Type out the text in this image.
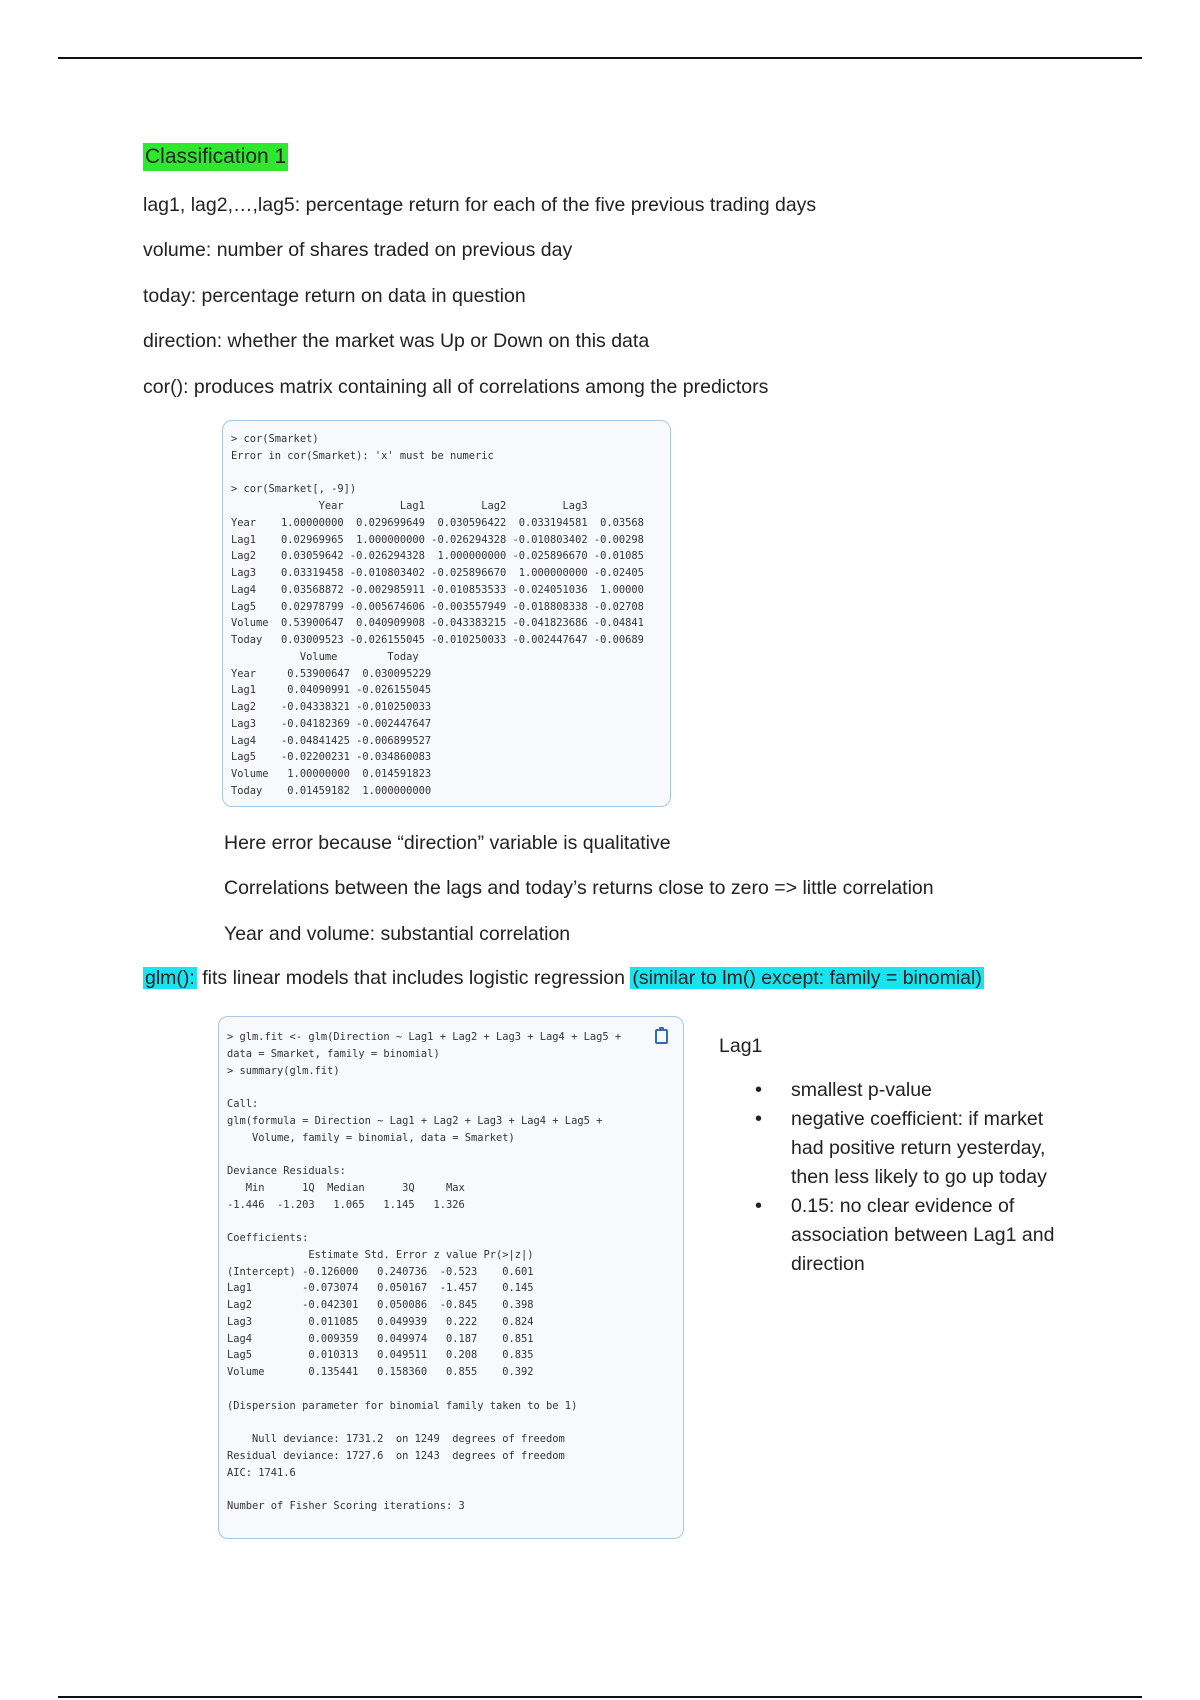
Classification 1
lag1, lag2,…,lag5: percentage return for each of the five previous trading days
volume: number of shares traded on previous day
today: percentage return on data in question
direction: whether the market was Up or Down on this data
cor(): produces matrix containing all of correlations among the predictors
> cor(Smarket)
Error in cor(Smarket): 'x' must be numeric

> cor(Smarket[, -9])
Year         Lag1         Lag2         Lag3
Year    1.00000000  0.029699649  0.030596422  0.033194581  0.03568
Lag1    0.02969965  1.000000000 -0.026294328 -0.010803402 -0.00298
Lag2    0.03059642 -0.026294328  1.000000000 -0.025896670 -0.01085
Lag3    0.03319458 -0.010803402 -0.025896670  1.000000000 -0.02405
Lag4    0.03568872 -0.002985911 -0.010853533 -0.024051036  1.00000
Lag5    0.02978799 -0.005674606 -0.003557949 -0.018808338 -0.02708
Volume  0.53900647  0.040909908 -0.043383215 -0.041823686 -0.04841
Today   0.03009523 -0.026155045 -0.010250033 -0.002447647 -0.00689
Volume        Today
Year     0.53900647  0.030095229
Lag1     0.04090991 -0.026155045
Lag2    -0.04338321 -0.010250033
Lag3    -0.04182369 -0.002447647
Lag4    -0.04841425 -0.006899527
Lag5    -0.02200231 -0.034860083
Volume   1.00000000  0.014591823
Today    0.01459182  1.000000000
Here error because “direction” variable is qualitative
Correlations between the lags and today’s returns close to zero => little correlation
Year and volume: substantial correlation
glm(): fits linear models that includes logistic regression (similar to lm() except: family = binomial)
> glm.fit <- glm(Direction ~ Lag1 + Lag2 + Lag3 + Lag4 + Lag5 +
data = Smarket, family = binomial)
> summary(glm.fit)

Call:
glm(formula = Direction ~ Lag1 + Lag2 + Lag3 + Lag4 + Lag5 +
Volume, family = binomial, data = Smarket)

Deviance Residuals:
Min      1Q  Median      3Q     Max
-1.446  -1.203   1.065   1.145   1.326

Coefficients:
Estimate Std. Error z value Pr(>|z|)
(Intercept) -0.126000   0.240736  -0.523    0.601
Lag1        -0.073074   0.050167  -1.457    0.145
Lag2        -0.042301   0.050086  -0.845    0.398
Lag3         0.011085   0.049939   0.222    0.824
Lag4         0.009359   0.049974   0.187    0.851
Lag5         0.010313   0.049511   0.208    0.835
Volume       0.135441   0.158360   0.855    0.392

(Dispersion parameter for binomial family taken to be 1)

Null deviance: 1731.2  on 1249  degrees of freedom
Residual deviance: 1727.6  on 1243  degrees of freedom
AIC: 1741.6

Number of Fisher Scoring iterations: 3
Lag1
• smallest p-value
• negative coefficient: if market had positive return yesterday, then less likely to go up today
• 0.15: no clear evidence of association between Lag1 and direction
